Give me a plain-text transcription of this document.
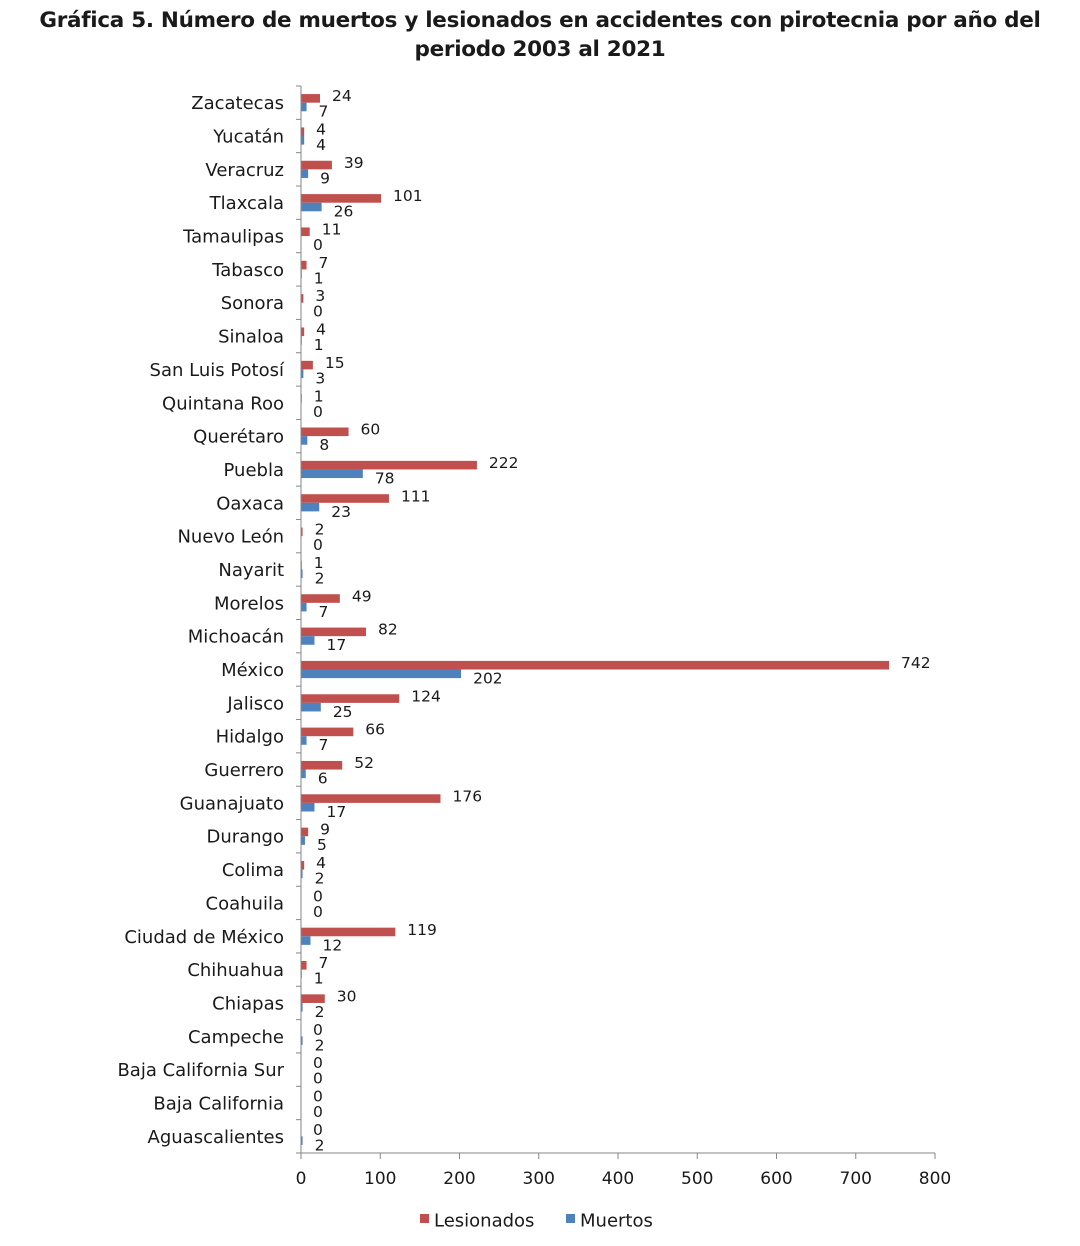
Gráfica 5. Número de muertos y lesionados en accidentes con pirotecnia por año del
periodo 2003 al 2021
Zacatecas	24
7
Yucatán 4
4
Veracruz	39
9
Tlaxcala	101
26
Tamaulipas 11
0
Tabasco 7
1
Sonora 3
0
Sinaloa 4
1
San Luis Potosí	15
3
Quintana Roo 1
0
Querétaro	60
8
Puebla	222
78
Oaxaca	111
23
Nuevo León 2
0
Nayarit 1
2
Morelos	49
7
Michoacán	82
17
México	742
202
Jalisco	124
25
Hidalgo	66
7
Guerrero	52
6
Guanajuato	176
17
Durango 9
5
Colima 4
2
Coahuila 0
0
Ciudad de México	119
12
Chihuahua 7
1
Chiapas	30
2
Campeche 0
2
Baja California Sur 0
0
Baja California 0
0
Aguascalientes 0
2
0	100	200	300	400	500	600	700	800
Lesionados	Muertos
